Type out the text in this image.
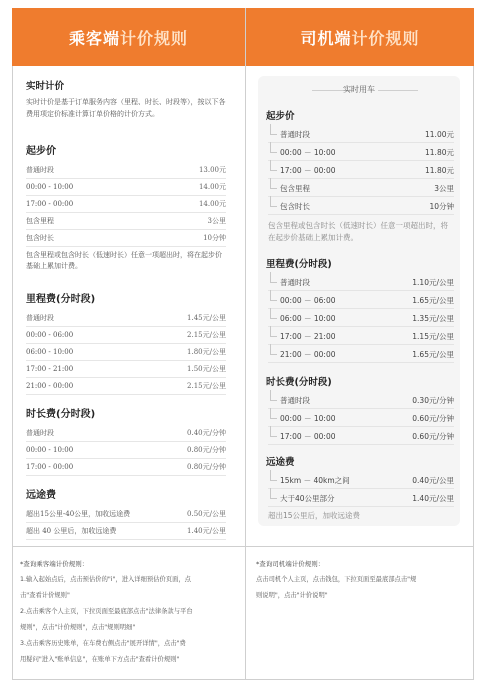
乘客端 计价规则	司机端 计价规则
实时计价
实时计价是基于订单服务内容（里程、时长、时段等），按以下各费用项定价标准计算订单价格的计价方式。
起步价
普通时段	13.00元
00:00 - 10:00	14.00元
17:00 - 00:00	14.00元
包含里程	3公里
包含时长	10分钟
包含里程或包含时长（低速时长）任意一项超出时，将在起步价基础上累加计费。
里程费(分时段)
普通时段	1.45元/公里
00:00 - 06:00	2.15元/公里
06:00 - 10:00	1.80元/公里
17:00 - 21:00	1.50元/公里
21:00 - 00:00	2.15元/公里
时长费(分时段)
普通时段	0.40元/分钟
00:00 - 10:00	0.80元/分钟
17:00 - 00:00	0.80元/分钟
远途费
超出15公里-40公里，加收远途费	0.50元/公里
超出 40 公里后，加收远途费	1.40元/公里
实时用车
起步价
普通时段	11.00元
00:00 － 10:00	11.80元
17:00 － 00:00	11.80元
包含里程	3公里
包含时长	10分钟
包含里程或包含时长（低速时长）任意一项超出时，将在起步价基础上累加计费。
里程费(分时段)
普通时段	1.10元/公里
00:00 － 06:00	1.65元/公里
06:00 － 10:00	1.35元/公里
17:00 － 21:00	1.15元/公里
21:00 － 00:00	1.65元/公里
时长费(分时段)
普通时段	0.30元/分钟
00:00 － 10:00	0.60元/分钟
17:00 － 00:00	0.60元/分钟
远途费
15km － 40km之间	0.40元/公里
大于40公里部分	1.40元/公里
超出15公里后，加收远途费
*查询乘客端计价规则：
1.输入起始点后，点击预估价的"i"，进入详细预估价页面，点
击"查看计价规则"
2.点击乘客个人主页，下拉页面至最底部点击"法律条款与平台
规则"，点击"计价规则"，点击"规则明细"
3.点击乘客历史账单，在车费右侧点击"展开详情"，点击"费
用疑问"进入"账单信息"，在账单下方点击"查看计价规则"
*查询司机端计价规则：
点击司机个人主页，点击钱包，下拉页面至最底部点击"规
则说明"，点击"计价说明"
